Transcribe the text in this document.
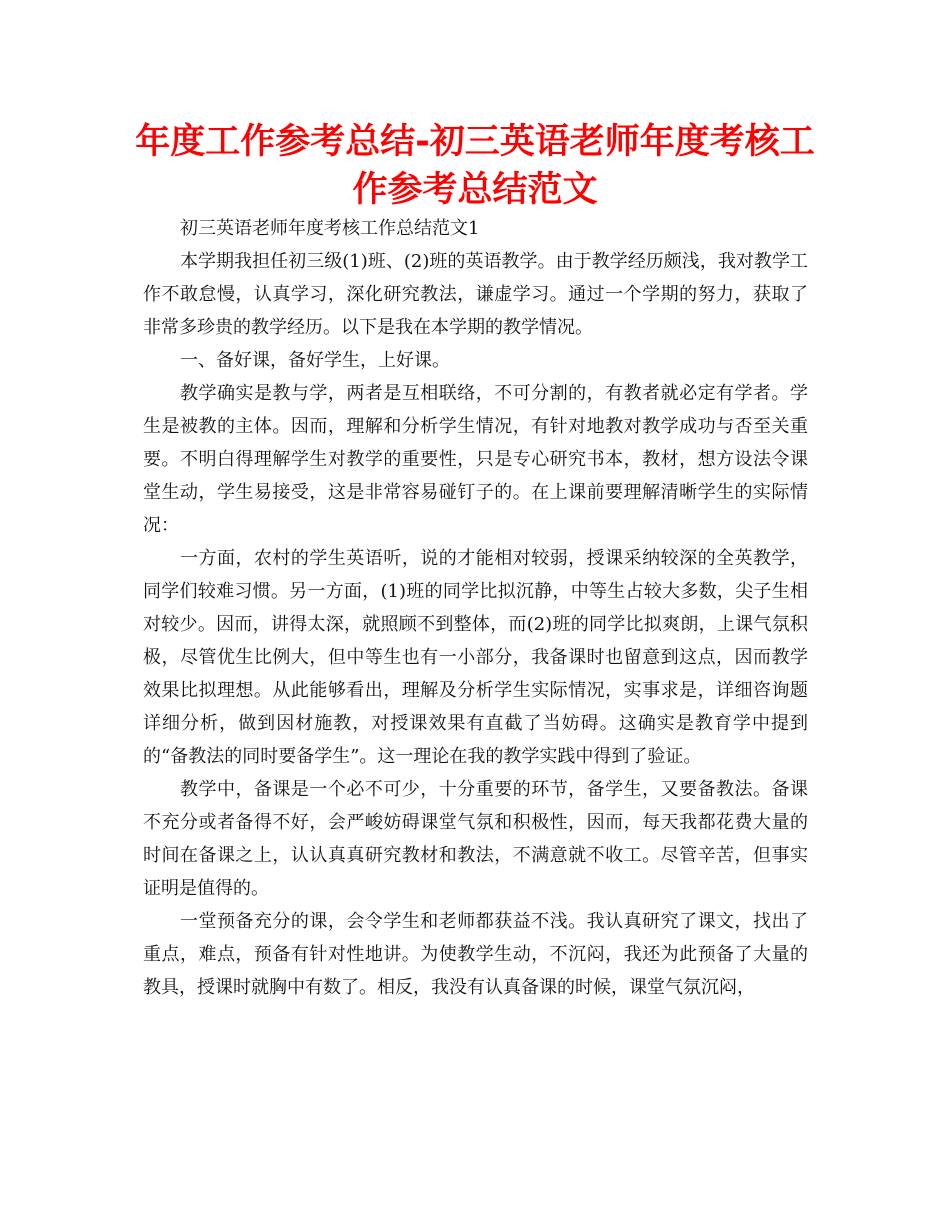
年度工作参考总结-初三英语老师年度考核工作参考总结范文

初三英语老师年度考核工作总结范文1

本学期我担任初三级(1)班、(2)班的英语教学。由于教学经历颇浅，我对教学工作不敢怠慢，认真学习，深化研究教法，谦虚学习。通过一个学期的努力，获取了非常多珍贵的教学经历。以下是我在本学期的教学情况。

一、备好课，备好学生，上好课。

教学确实是教与学，两者是互相联络，不可分割的，有教者就必定有学者。学生是被教的主体。因而，理解和分析学生情况，有针对地教对教学成功与否至关重要。不明白得理解学生对教学的重要性，只是专心研究书本，教材，想方设法令课堂生动，学生易接受，这是非常容易碰钉子的。在上课前要理解清晰学生的实际情况：

一方面，农村的学生英语听，说的才能相对较弱，授课采纳较深的全英教学，同学们较难习惯。另一方面，(1)班的同学比拟沉静，中等生占较大多数，尖子生相对较少。因而，讲得太深，就照顾不到整体，而(2)班的同学比拟爽朗，上课气氛积极，尽管优生比例大，但中等生也有一小部分，我备课时也留意到这点，因而教学效果比拟理想。从此能够看出，理解及分析学生实际情况，实事求是，详细咨询题详细分析，做到因材施教，对授课效果有直截了当妨碍。这确实是教育学中提到的“备教法的同时要备学生”。这一理论在我的教学实践中得到了验证。

教学中，备课是一个必不可少，十分重要的环节，备学生，又要备教法。备课不充分或者备得不好，会严峻妨碍课堂气氛和积极性，因而，每天我都花费大量的时间在备课之上，认认真真研究教材和教法，不满意就不收工。尽管辛苦，但事实证明是值得的。

一堂预备充分的课，会令学生和老师都获益不浅。我认真研究了课文，找出了重点，难点，预备有针对性地讲。为使教学生动，不沉闷，我还为此预备了大量的教具，授课时就胸中有数了。相反，我没有认真备课的时候，课堂气氛沉闷，
